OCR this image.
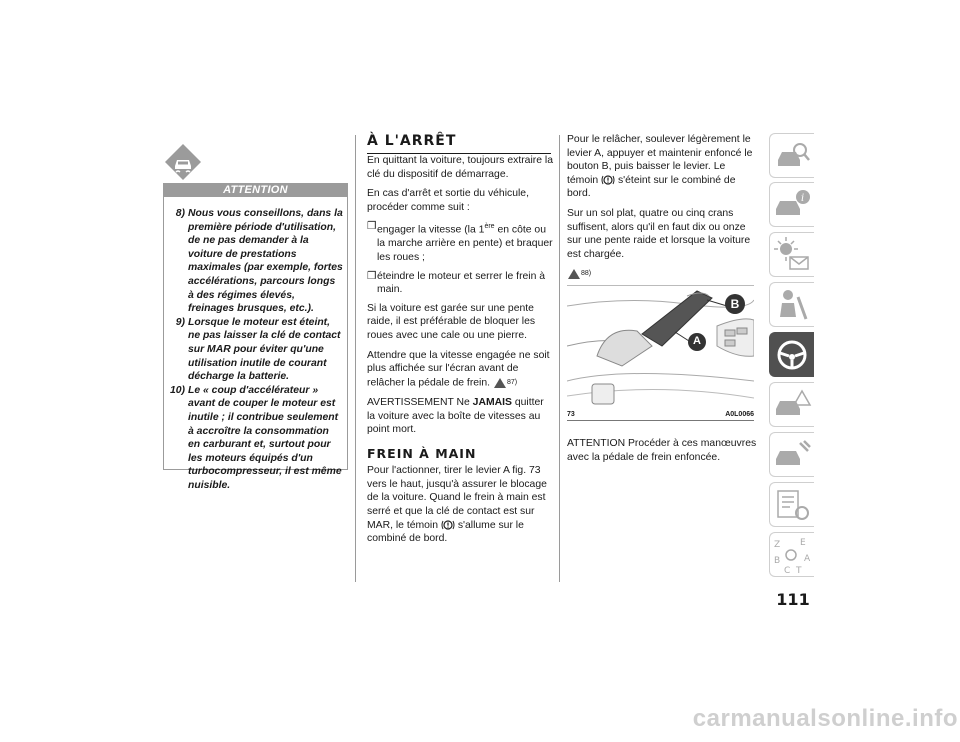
ATTENTION
8) Nous vous conseillons, dans la première période d'utilisation, de ne pas demander à la voiture de prestations maximales (par exemple, fortes accélérations, parcours longs à des régimes élevés, freinages brusques, etc.).
9) Lorsque le moteur est éteint, ne pas laisser la clé de contact sur MAR pour éviter qu'une utilisation inutile de courant décharge la batterie.
10) Le « coup d'accélérateur » avant de couper le moteur est inutile ; il contribue seulement à accroître la consommation en carburant et, surtout pour les moteurs équipés d'un turbocompresseur, il est même nuisible.
À L'ARRÊT

En quittant la voiture, toujours extraire la clé du dispositif de démarrage.

En cas d'arrêt et sortie du véhicule, procéder comme suit :

❒ engager la vitesse (la 1ère en côte ou la marche arrière en pente) et braquer les roues ;
❒ éteindre le moteur et serrer le frein à main.

Si la voiture est garée sur une pente raide, il est préférable de bloquer les roues avec une cale ou une pierre.

Attendre que la vitesse engagée ne soit plus affichée sur l'écran avant de relâcher la pédale de frein. 87)

AVERTISSEMENT Ne JAMAIS quitter la voiture avec la boîte de vitesses au point mort.

FREIN À MAIN

Pour l'actionner, tirer le levier A fig. 73 vers le haut, jusqu'à assurer le blocage de la voiture. Quand le frein à main est serré et que la clé de contact est sur MAR, le témoin s'allume sur le combiné de bord.

Pour le relâcher, soulever légèrement le levier A, appuyer et maintenir enfoncé le bouton B, puis baisser le levier. Le témoin s'éteint sur le combiné de bord.

Sur un sol plat, quatre ou cinq crans suffisent, alors qu'il en faut dix ou onze sur une pente raide et lorsque la voiture est chargée.

88)
B
A
73	A0L0066

ATTENTION Procéder à ces manœuvres avec la pédale de frein enfoncée.

i
Z E
B	A
C T
111
carmanualsonline.info
